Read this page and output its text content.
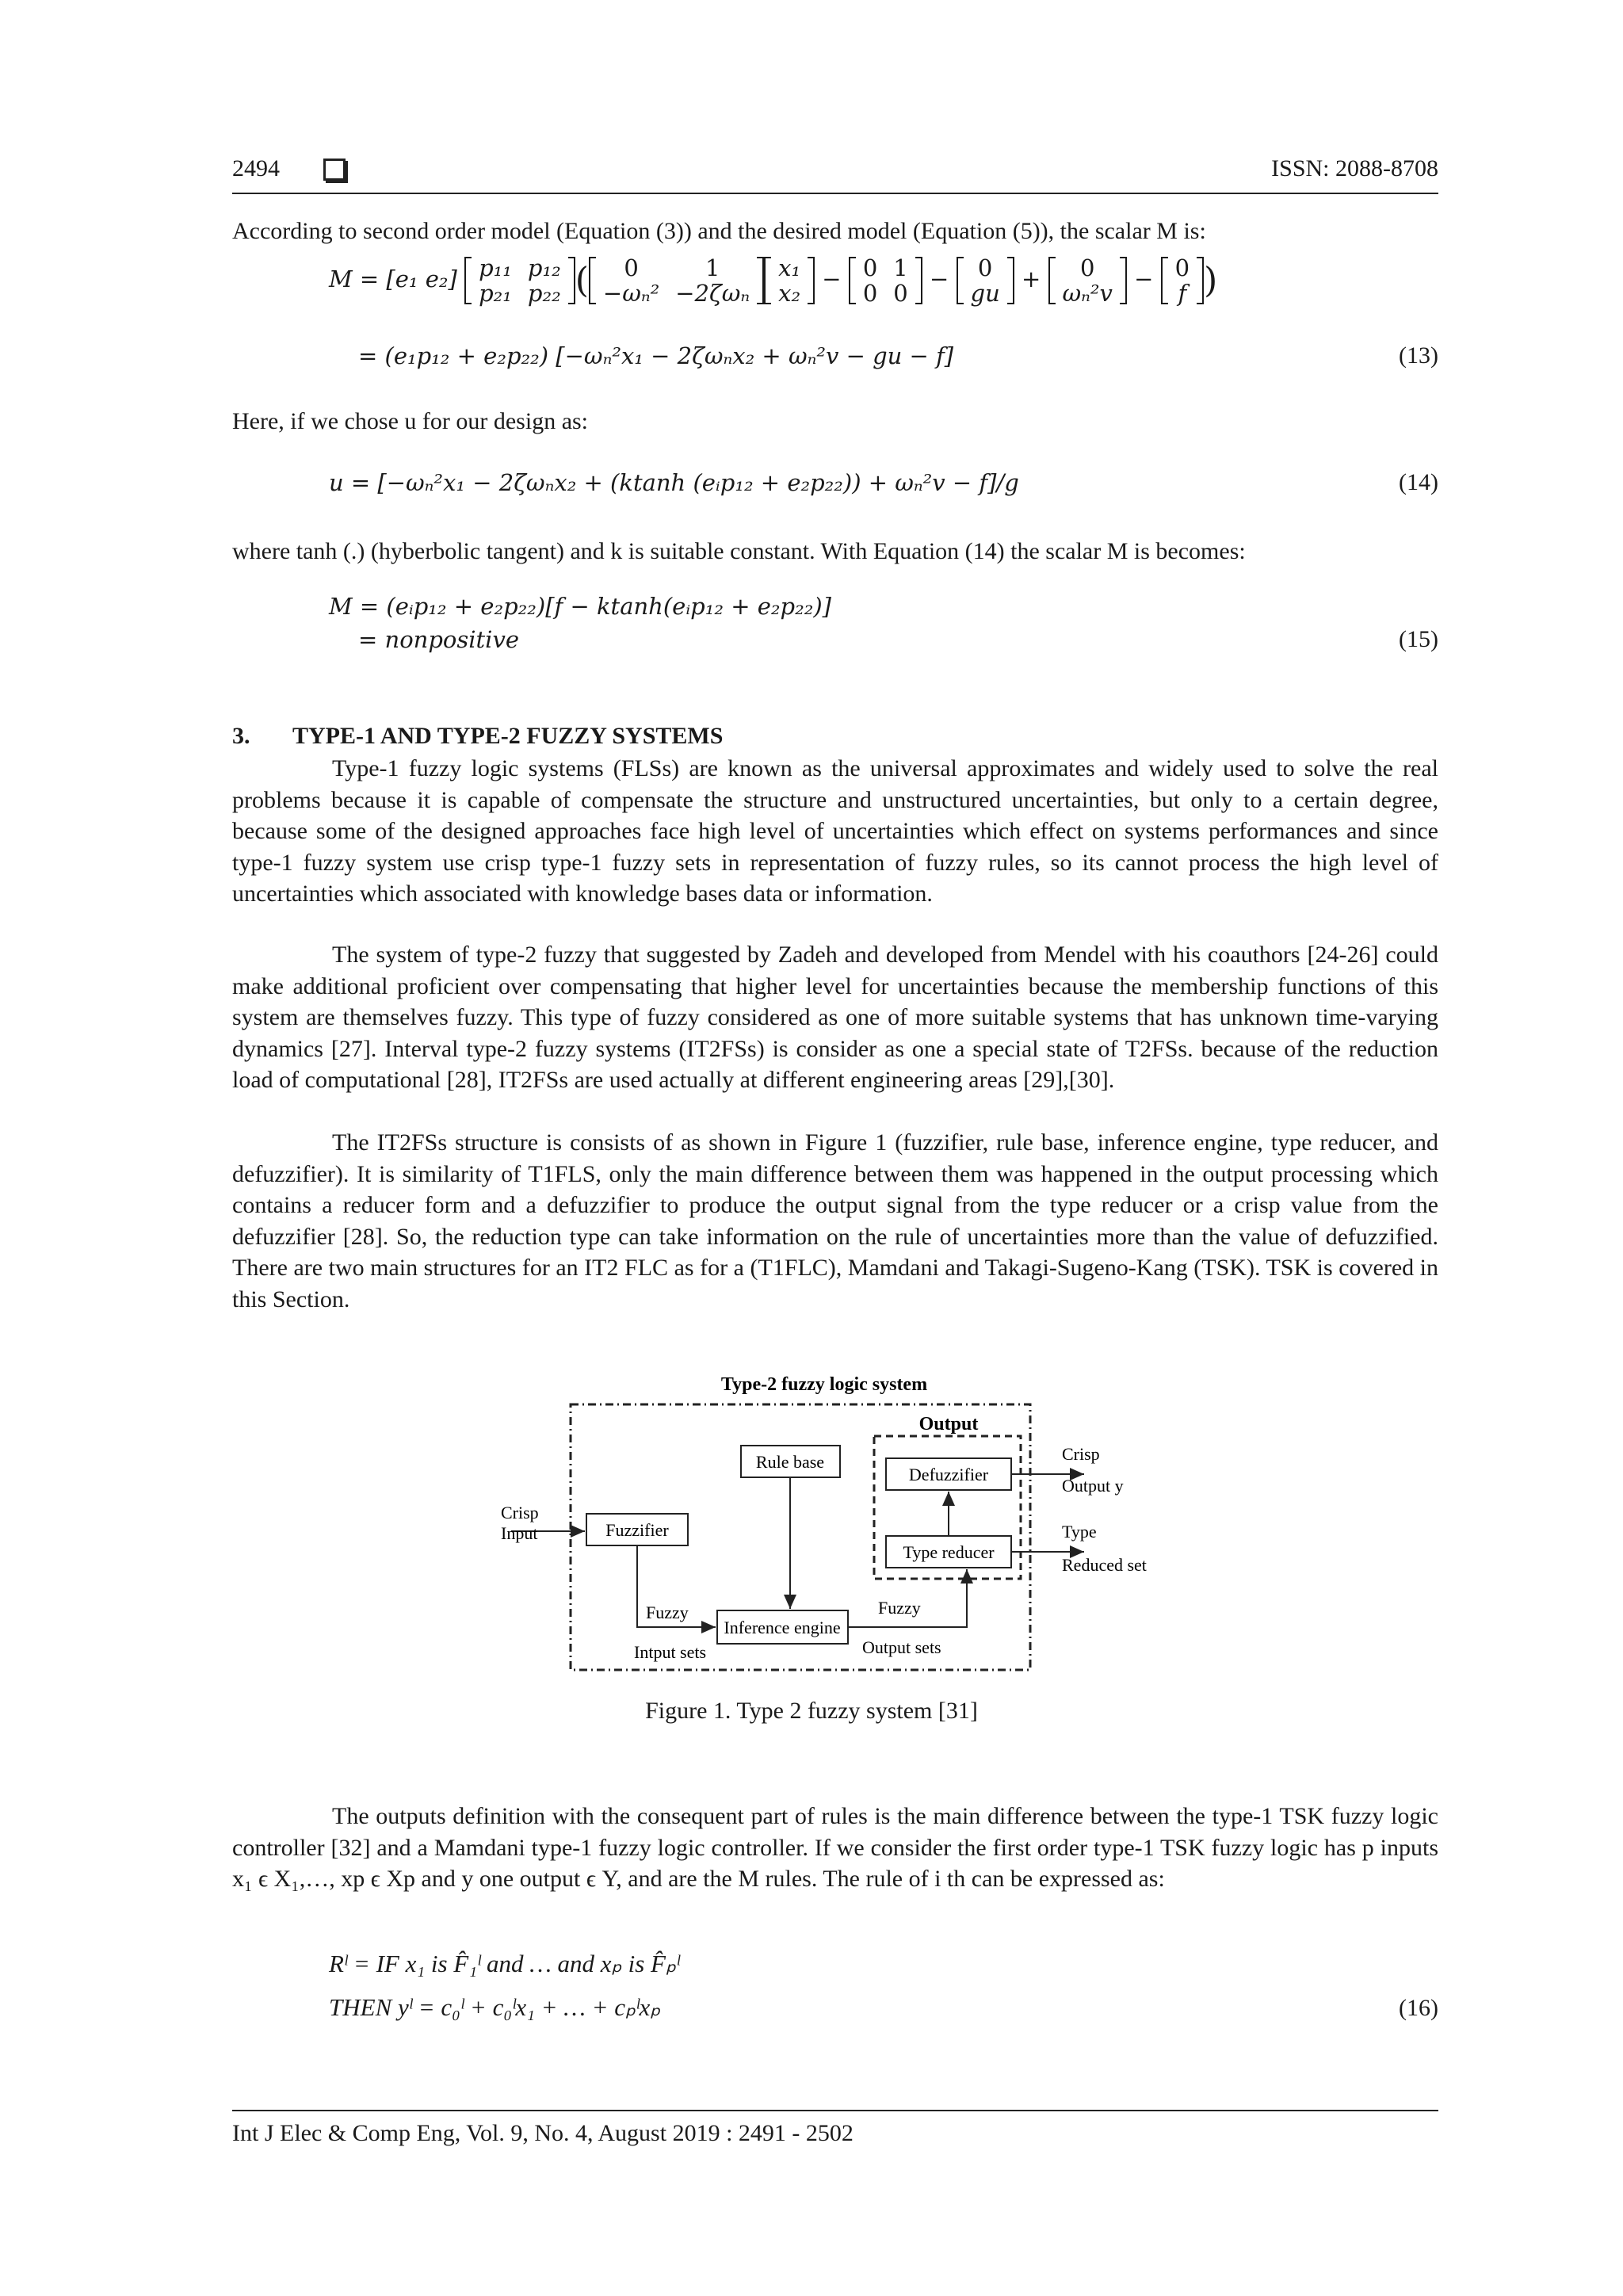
2494	ISSN: 2088-8708
According to second order model (Equation (3)) and the desired model (Equation (5)), the scalar M is:
M = [e₁ e₂] p₁₁	p₁₂
p₂₁	p₂₂ ( 0	1
−ωₙ²	−2ζωₙx₁
x₂ − 0	1
0	0 − 0
gu + 0
ωₙ²v − 0
f )
= (e₁p₁₂ + e₂p₂₂) [−ωₙ²x₁ − 2ζωₙx₂ + ωₙ²v − gu − f]	(13)
Here, if we chose u for our design as:
u = [−ωₙ²x₁ − 2ζωₙx₂ + (ktanh (eᵢp₁₂ + e₂p₂₂)) + ωₙ²v − f]/g	(14)
where tanh (.) (hyberbolic tangent) and k is suitable constant. With Equation (14) the scalar M is becomes:
M = (eᵢp₁₂ + e₂p₂₂)[f − ktanh(eᵢp₁₂ + e₂p₂₂)]
= nonpositive	(15)
3. TYPE-1 AND TYPE-2 FUZZY SYSTEMS
Type-1 fuzzy logic systems (FLSs) are known as the universal approximates and widely used to solve the real problems because it is capable of compensate the structure and unstructured uncertainties, but only to a certain degree, because some of the designed approaches face high level of uncertainties which effect on systems performances and since type-1 fuzzy system use crisp type-1 fuzzy sets in representation of fuzzy rules, so its cannot process the high level of uncertainties which associated with knowledge bases data or information.
The system of type-2 fuzzy that suggested by Zadeh and developed from Mendel with his coauthors [24-26] could make additional proficient over compensating that higher level for uncertainties because the membership functions of this system are themselves fuzzy. This type of fuzzy considered as one of more suitable systems that has unknown time-varying dynamics [27]. Interval type-2 fuzzy systems (IT2FSs) is consider as one a special state of T2FSs. because of the reduction load of computational [28], IT2FSs are used actually at different engineering areas [29],[30].
The IT2FSs structure is consists of as shown in Figure 1 (fuzzifier, rule base, inference engine, type reducer, and defuzzifier). It is similarity of T1FLS, only the main difference between them was happened in the output processing which contains a reducer form and a defuzzifier to produce the output signal from the type reducer or a crisp value from the defuzzifier [28]. So, the reduction type can take information on the rule of uncertainties more than the value of defuzzified. There are two main structures for an IT2 FLC as for a (T1FLC), Mamdani and Takagi-Sugeno-Kang (TSK). TSK is covered in this Section.
Type-2 fuzzy logic system
Output
Rule base
Defuzzifier
Fuzzifier
Type reducer
Inference engine
Crisp
Input
Crisp
Output y
Type
Reduced set
Fuzzy
Intput sets
Fuzzy
Output sets
Figure 1. Type 2 fuzzy system [31]
The outputs definition with the consequent part of rules is the main difference between the type-1 TSK fuzzy logic controller [32] and a Mamdani type-1 fuzzy logic controller. If we consider the first order type-1 TSK fuzzy logic has p inputs x₁ ϵ X₁,…, xp ϵ Xp and y one output ϵ Y, and are the M rules. The rule of i th can be expressed as:
Rˡ = IF x₁ is F̂₁ˡ and … and xₚ is F̂ₚˡ
THEN yˡ = c₀ˡ + c₀ˡx₁ + … + cₚˡxₚ	(16)
Int J Elec & Comp Eng, Vol. 9, No. 4, August 2019 : 2491 - 2502
